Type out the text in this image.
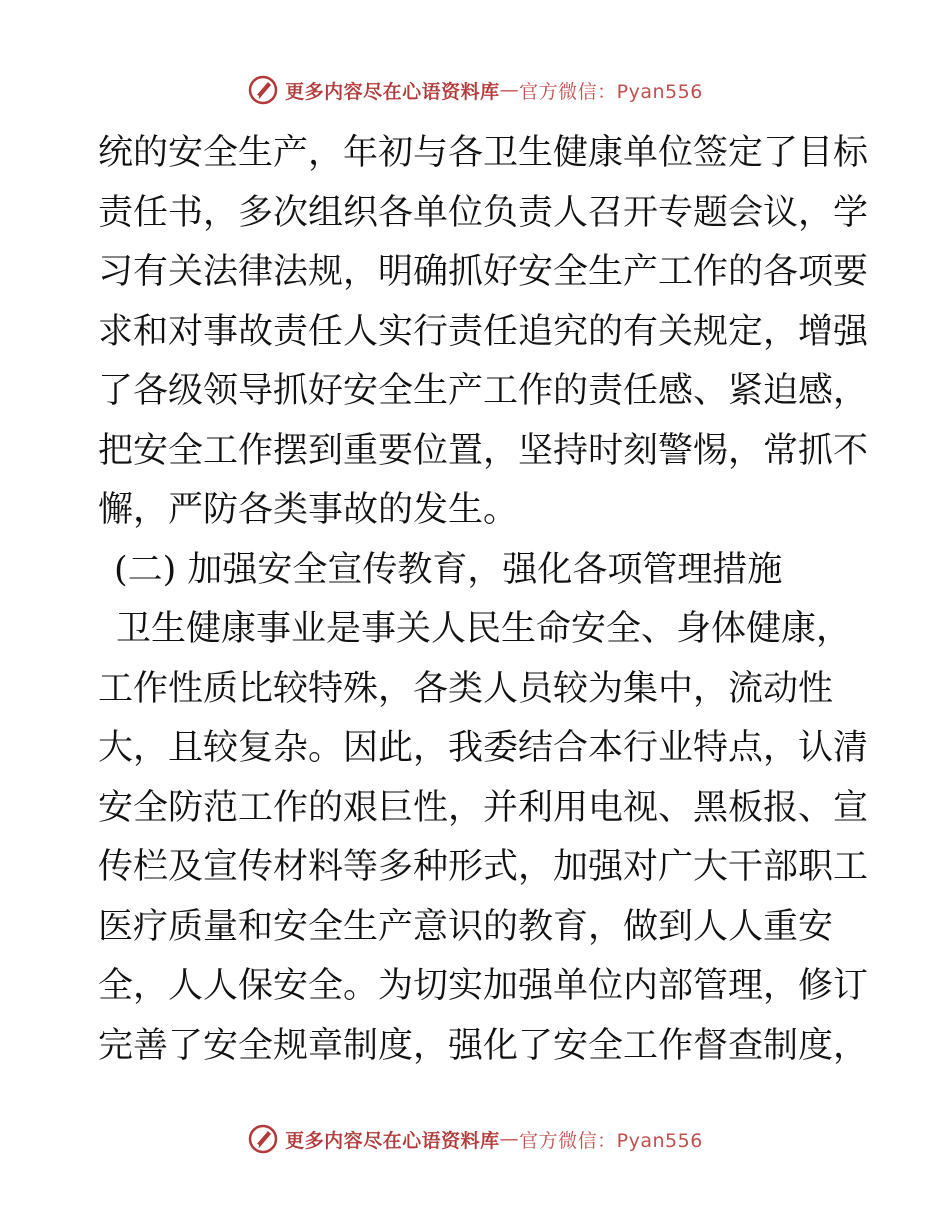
更多内容尽在心语资料库 — 官方微信：Pyan556
统的安全生产，年初与各卫生健康单位签定了目标
责任书，多次组织各单位负责人召开专题会议，学
习有关法律法规，明确抓好安全生产工作的各项要
求和对事故责任人实行责任追究的有关规定，增强
了各级领导抓好安全生产工作的责任感、紧迫感，
把安全工作摆到重要位置，坚持时刻警惕，常抓不
懈，严防各类事故的发生。
(二) 加强安全宣传教育，强化各项管理措施
卫生健康事业是事关人民生命安全、身体健康，
工作性质比较特殊，各类人员较为集中，流动性
大，且较复杂。因此，我委结合本行业特点，认清
安全防范工作的艰巨性，并利用电视、黑板报、宣
传栏及宣传材料等多种形式，加强对广大干部职工
医疗质量和安全生产意识的教育，做到人人重安
全，人人保安全。为切实加强单位内部管理，修订
完善了安全规章制度，强化了安全工作督查制度，
更多内容尽在心语资料库 — 官方微信：Pyan556
